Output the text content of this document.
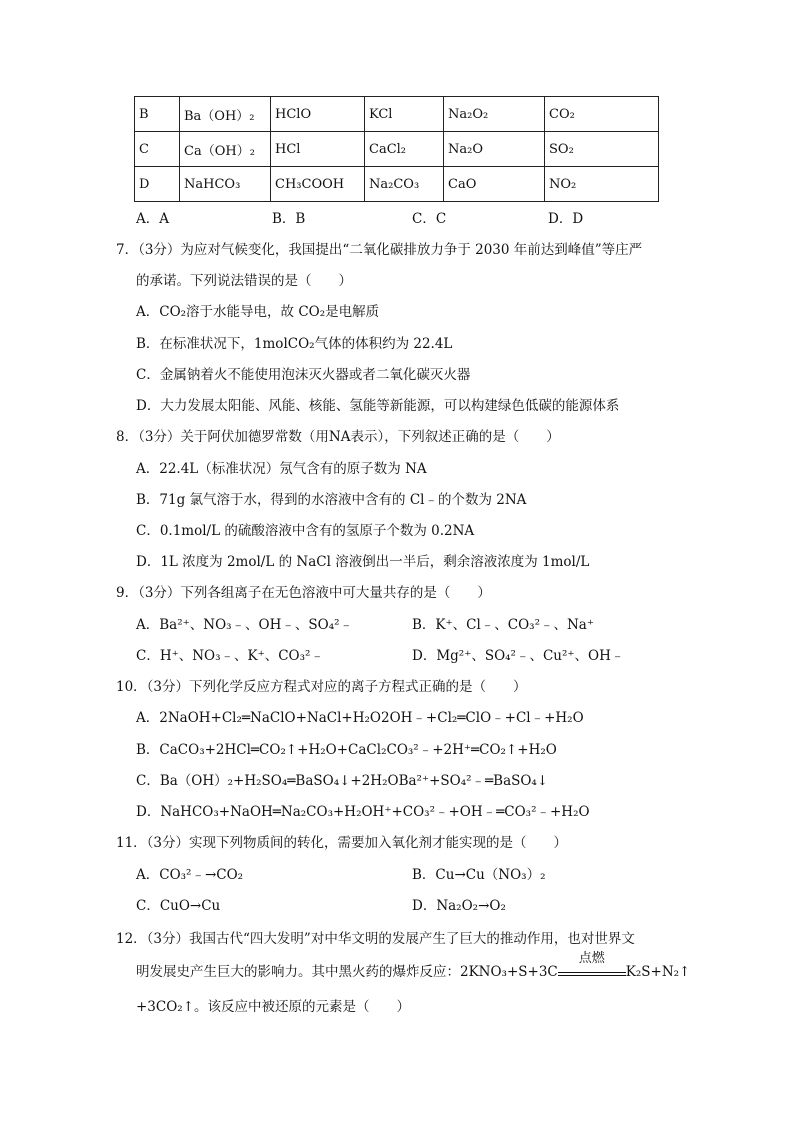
B	Ba（OH）₂	HClO	KCl	Na₂O₂	CO₂
C	Ca（OH）₂	HCl	CaCl₂	Na₂O	SO₂
D	NaHCO₃	CH₃COOH	Na₂CO₃	CaO	NO₂
A．A	B．B	C．C	D．D
7．（3分）为应对气候变化，我国提出“二氧化碳排放力争于 2030 年前达到峰值”等庄严
的承诺。下列说法错误的是（　　）
A．CO₂溶于水能导电，故 CO₂是电解质
B．在标准状况下，1molCO₂气体的体积约为 22.4L
C．金属钠着火不能使用泡沫灭火器或者二氧化碳灭火器
D．大力发展太阳能、风能、核能、氢能等新能源，可以构建绿色低碳的能源体系
8．（3分）关于阿伏加德罗常数（用NA表示），下列叙述正确的是（　　）
A．22.4L（标准状况）氖气含有的原子数为 NA
B．71g 氯气溶于水，得到的水溶液中含有的 Cl﹣的个数为 2NA
C．0.1mol/L 的硫酸溶液中含有的氢原子个数为 0.2NA
D．1L 浓度为 2mol/L 的 NaCl 溶液倒出一半后，剩余溶液浓度为 1mol/L
9．（3分）下列各组离子在无色溶液中可大量共存的是（　　）
A．Ba²⁺、NO₃﹣、OH﹣、SO₄²﹣	B．K⁺、Cl﹣、CO₃²﹣、Na⁺
C．H⁺、NO₃﹣、K⁺、CO₃²﹣	D．Mg²⁺、SO₄²﹣、Cu²⁺、OH﹣
10．（3分）下列化学反应方程式对应的离子方程式正确的是（　　）
A．2NaOH+Cl₂═NaClO+NaCl+H₂O2OH﹣+Cl₂═ClO﹣+Cl﹣+H₂O
B．CaCO₃+2HCl═CO₂↑+H₂O+CaCl₂CO₃²﹣+2H⁺═CO₂↑+H₂O
C．Ba（OH）₂+H₂SO₄═BaSO₄↓+2H₂OBa²⁺+SO₄²﹣═BaSO₄↓
D．NaHCO₃+NaOH═Na₂CO₃+H₂OH⁺+CO₃²﹣+OH﹣═CO₃²﹣+H₂O
11．（3分）实现下列物质间的转化，需要加入氧化剂才能实现的是（　　）
A．CO₃²﹣→CO₂	B．Cu→Cu（NO₃）₂
C．CuO→Cu	D．Na₂O₂→O₂
12．（3分）我国古代“四大发明”对中华文明的发展产生了巨大的推动作用，也对世界文
明发展史产生巨大的影响力。其中黑火药的爆炸反应：2KNO₃+S+3C
点燃
K₂S+N₂↑
+3CO₂↑。该反应中被还原的元素是（　　）
